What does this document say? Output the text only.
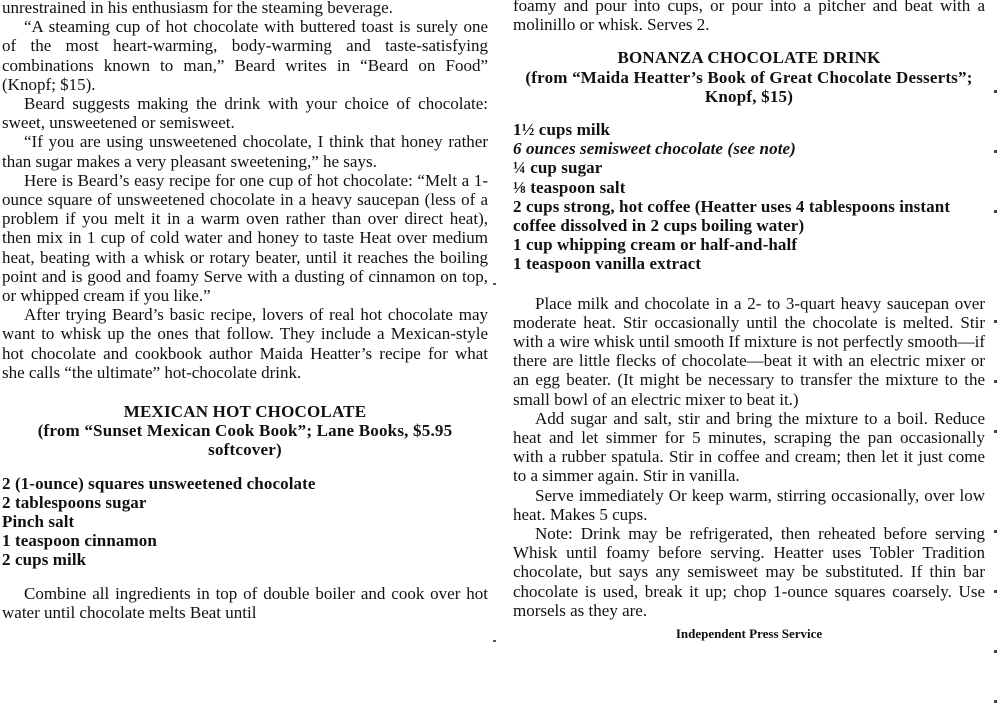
unrestrained in his enthusiasm for the steaming beverage.

“A steaming cup of hot chocolate with buttered toast is surely one of the most heart-warming, body-warming and taste-satisfying combinations known to man,” Beard writes in “Beard on Food” (Knopf; $15).

Beard suggests making the drink with your choice of chocolate: sweet, unsweetened or semisweet.

“If you are using unsweetened chocolate, I think that honey rather than sugar makes a very pleasant sweetening,” he says.

Here is Beard’s easy recipe for one cup of hot chocolate: “Melt a 1-ounce square of unsweetened chocolate in a heavy saucepan (less of a problem if you melt it in a warm oven rather than over direct heat), then mix in 1 cup of cold water and honey to taste Heat over medium heat, beating with a whisk or rotary beater, until it reaches the boiling point and is good and foamy Serve with a dusting of cinnamon on top, or whipped cream if you like.”

After trying Beard’s basic recipe, lovers of real hot chocolate may want to whisk up the ones that follow. They include a Mexican-style hot chocolate and cookbook author Maida Heatter’s recipe for what she calls “the ultimate” hot-chocolate drink.

MEXICAN HOT CHOCOLATE

(from “Sunset Mexican Cook Book”; Lane Books, $5.95 softcover)

2 (1-ounce) squares unsweetened chocolate

2 tablespoons sugar

Pinch salt

1 teaspoon cinnamon

2 cups milk

Combine all ingredients in top of double boiler and cook over hot water until chocolate melts Beat until

foamy and pour into cups, or pour into a pitcher and beat with a molinillo or whisk. Serves 2.

BONANZA CHOCOLATE DRINK

(from “Maida Heatter’s Book of Great Chocolate Desserts”; Knopf, $15)

1½ cups milk

6 ounces semisweet chocolate (see note)

¼ cup sugar

⅛ teaspoon salt

2 cups strong, hot coffee (Heatter uses 4 tablespoons instant coffee dissolved in 2 cups boiling water)

1 cup whipping cream or half-and-half

1 teaspoon vanilla extract

Place milk and chocolate in a 2- to 3-quart heavy saucepan over moderate heat. Stir occasionally until the chocolate is melted. Stir with a wire whisk until smooth If mixture is not perfectly smooth—if there are little flecks of chocolate—beat it with an electric mixer or an egg beater. (It might be necessary to transfer the mixture to the small bowl of an electric mixer to beat it.)

Add sugar and salt, stir and bring the mixture to a boil. Reduce heat and let simmer for 5 minutes, scraping the pan occasionally with a rubber spatula. Stir in coffee and cream; then let it just come to a simmer again. Stir in vanilla.

Serve immediately Or keep warm, stirring occasionally, over low heat. Makes 5 cups.

Note: Drink may be refrigerated, then reheated before serving Whisk until foamy before serving. Heatter uses Tobler Tradition chocolate, but says any semisweet may be substituted. If thin bar chocolate is used, break it up; chop 1-ounce squares coarsely. Use morsels as they are.

Independent Press Service
